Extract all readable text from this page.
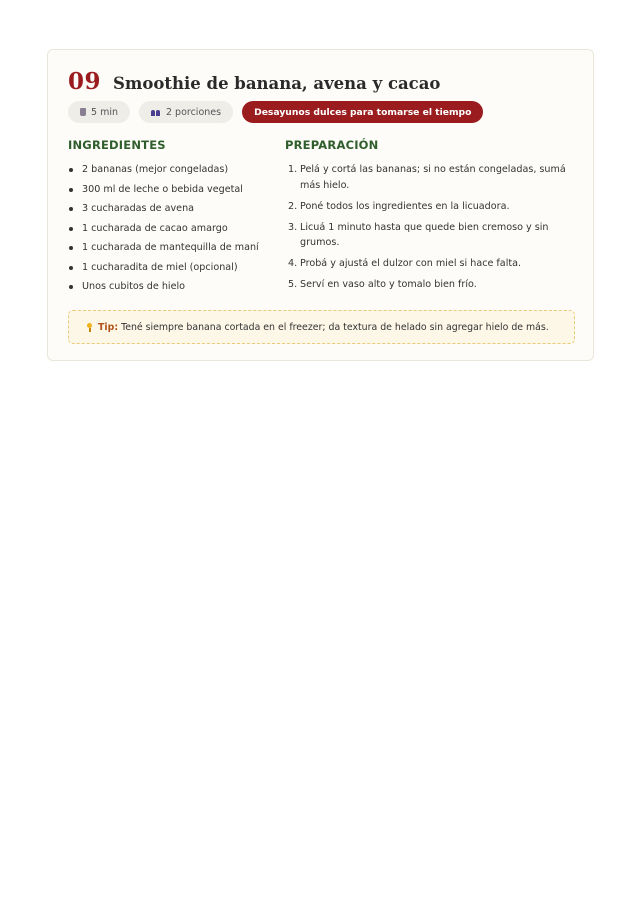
09 Smoothie de banana, avena y cacao
5 min	2 porciones	Desayunos dulces para tomarse el tiempo
INGREDIENTES	PREPARACIÓN
2 bananas (mejor congeladas)
300 ml de leche o bebida vegetal
3 cucharadas de avena
1 cucharada de cacao amargo
1 cucharada de mantequilla de maní
1 cucharadita de miel (opcional)
Unos cubitos de hielo
1. Pelá y cortá las bananas; si no están congeladas, sumá más hielo.
2. Poné todos los ingredientes en la licuadora.
3. Licuá 1 minuto hasta que quede bien cremoso y sin grumos.
4. Probá y ajustá el dulzor con miel si hace falta.
5. Serví en vaso alto y tomalo bien frío.
Tip: Tené siempre banana cortada en el freezer; da textura de helado sin agregar hielo de más.
